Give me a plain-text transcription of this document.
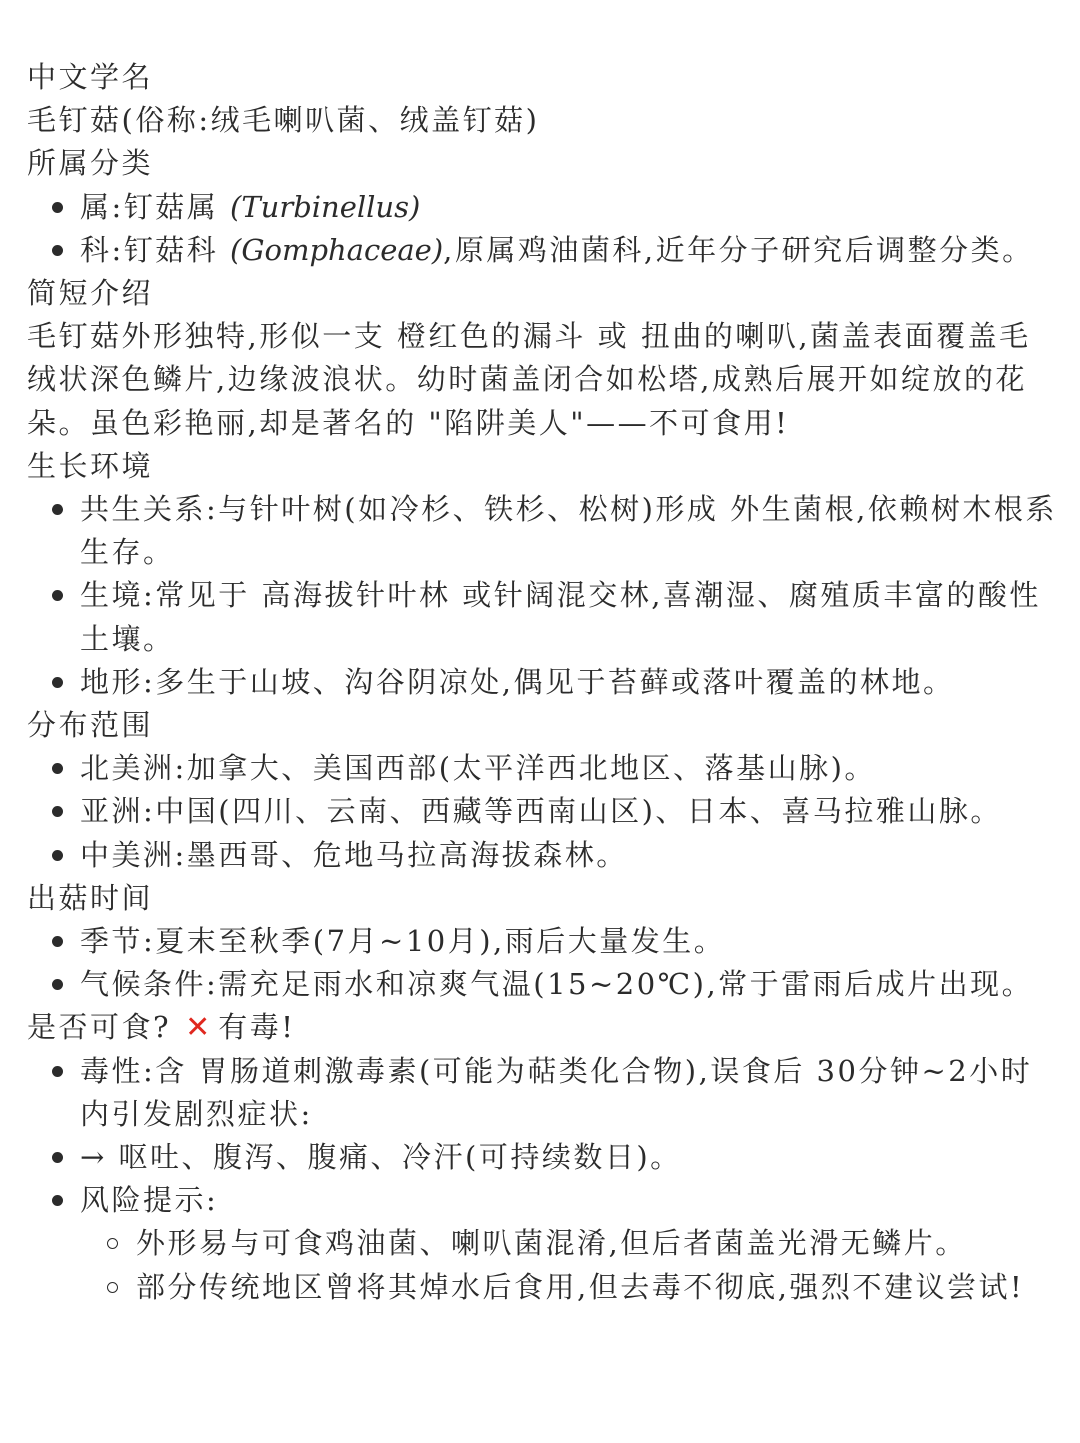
中文学名
毛钉菇(俗称:绒毛喇叭菌、绒盖钉菇)
所属分类
属:钉菇属 (Turbinellus)
科:钉菇科 (Gomphaceae),原属鸡油菌科,近年分子研究后调整分类。
简短介绍
毛钉菇外形独特,形似一支 橙红色的漏斗 或 扭曲的喇叭,菌盖表面覆盖毛绒状深色鳞片,边缘波浪状。幼时菌盖闭合如松塔,成熟后展开如绽放的花朵。虽色彩艳丽,却是著名的 "陷阱美人"——不可食用!
生长环境
共生关系:与针叶树(如冷杉、铁杉、松树)形成 外生菌根,依赖树木根系生存。
生境:常见于 高海拔针叶林 或针阔混交林,喜潮湿、腐殖质丰富的酸性土壤。
地形:多生于山坡、沟谷阴凉处,偶见于苔藓或落叶覆盖的林地。
分布范围
北美洲:加拿大、美国西部(太平洋西北地区、落基山脉)。
亚洲:中国(四川、云南、西藏等西南山区)、日本、喜马拉雅山脉。
中美洲:墨西哥、危地马拉高海拔森林。
出菇时间
季节:夏末至秋季(7月~10月),雨后大量发生。
气候条件:需充足雨水和凉爽气温(15~20℃),常于雷雨后成片出现。
是否可食? ✕ 有毒!
毒性:含 胃肠道刺激毒素(可能为萜类化合物),误食后 30分钟~2小时 内引发剧烈症状:
→ 呕吐、腹泻、腹痛、冷汗(可持续数日)。
风险提示:
外形易与可食鸡油菌、喇叭菌混淆,但后者菌盖光滑无鳞片。
部分传统地区曾将其焯水后食用,但去毒不彻底,强烈不建议尝试!
